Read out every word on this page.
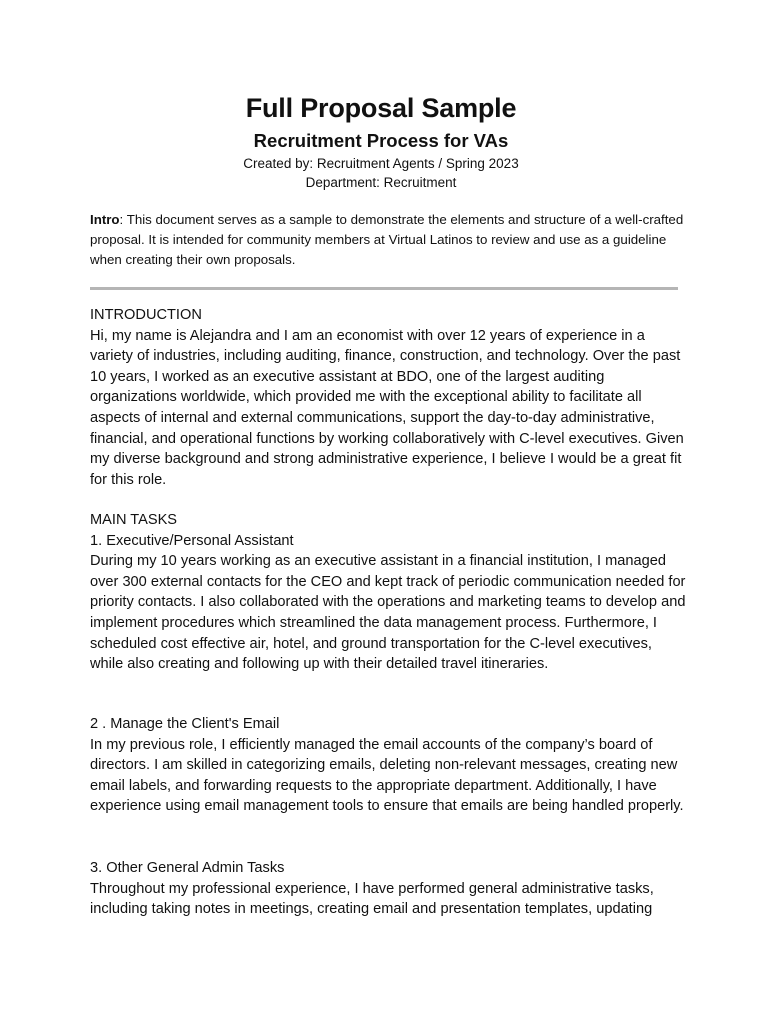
Full Proposal Sample
Recruitment Process for VAs
Created by: Recruitment Agents / Spring 2023
Department: Recruitment

Intro: This document serves as a sample to demonstrate the elements and structure of a well-crafted proposal. It is intended for community members at Virtual Latinos to review and use as a guideline when creating their own proposals.

INTRODUCTION
Hi, my name is Alejandra and I am an economist with over 12 years of experience in a variety of industries, including auditing, finance, construction, and technology. Over the past 10 years, I worked as an executive assistant at BDO, one of the largest auditing organizations worldwide, which provided me with the exceptional ability to facilitate all aspects of internal and external communications, support the day-to-day administrative, financial, and operational functions by working collaboratively with C-level executives. Given my diverse background and strong administrative experience, I believe I would be a great fit for this role.
MAIN TASKS
1. Executive/Personal Assistant
During my 10 years working as an executive assistant in a financial institution, I managed over 300 external contacts for the CEO and kept track of periodic communication needed for priority contacts. I also collaborated with the operations and marketing teams to develop and implement procedures which streamlined the data management process. Furthermore, I scheduled cost effective air, hotel, and ground transportation for the C-level executives, while also creating and following up with their detailed travel itineraries.
2 . Manage the Client's Email
In my previous role, I efficiently managed the email accounts of the company’s board of directors. I am skilled in categorizing emails, deleting non-relevant messages, creating new email labels, and forwarding requests to the appropriate department. Additionally, I have experience using email management tools to ensure that emails are being handled properly.
3. Other General Admin Tasks
Throughout my professional experience, I have performed general administrative tasks, including taking notes in meetings, creating email and presentation templates, updating
